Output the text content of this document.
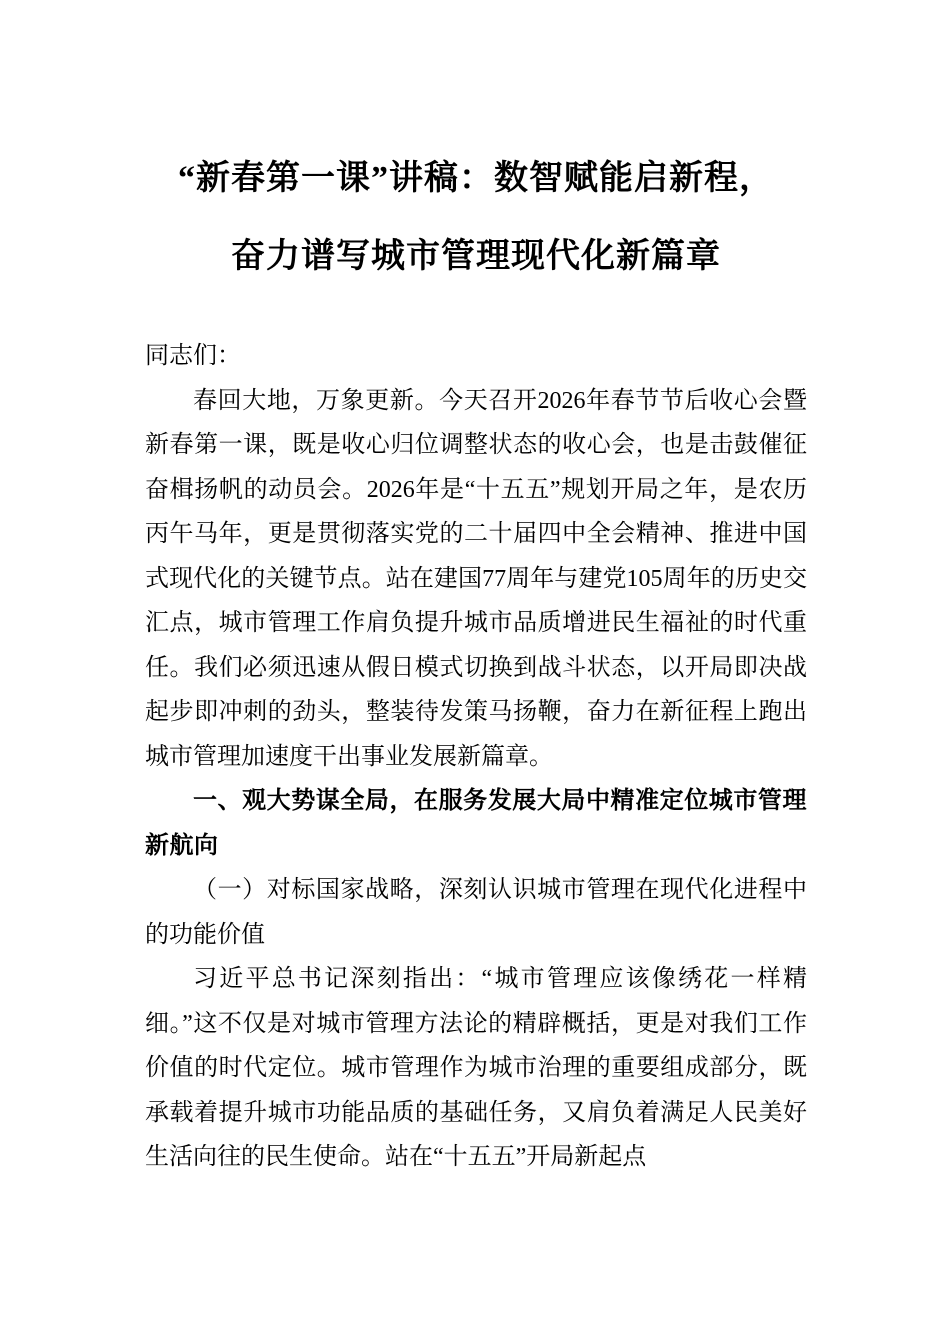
“新春第一课”讲稿：数智赋能启新程，
奋力谱写城市管理现代化新篇章

同志们：

春回大地，万象更新。今天召开2026年春节节后收心会暨新春第一课，既是收心归位调整状态的收心会，也是击鼓催征奋楫扬帆的动员会。2026年是“十五五”规划开局之年，是农历丙午马年，更是贯彻落实党的二十届四中全会精神、推进中国式现代化的关键节点。站在建国77周年与建党105周年的历史交汇点，城市管理工作肩负提升城市品质增进民生福祉的时代重任。我们必须迅速从假日模式切换到战斗状态，以开局即决战起步即冲刺的劲头，整装待发策马扬鞭，奋力在新征程上跑出城市管理加速度干出事业发展新篇章。

一、观大势谋全局，在服务发展大局中精准定位城市管理新航向

（一）对标国家战略，深刻认识城市管理在现代化进程中的功能价值

习近平总书记深刻指出：“城市管理应该像绣花一样精细。”这不仅是对城市管理方法论的精辟概括，更是对我们工作价值的时代定位。城市管理作为城市治理的重要组成部分，既承载着提升城市功能品质的基础任务，又肩负着满足人民美好生活向往的民生使命。站在“十五五”开局新起点
